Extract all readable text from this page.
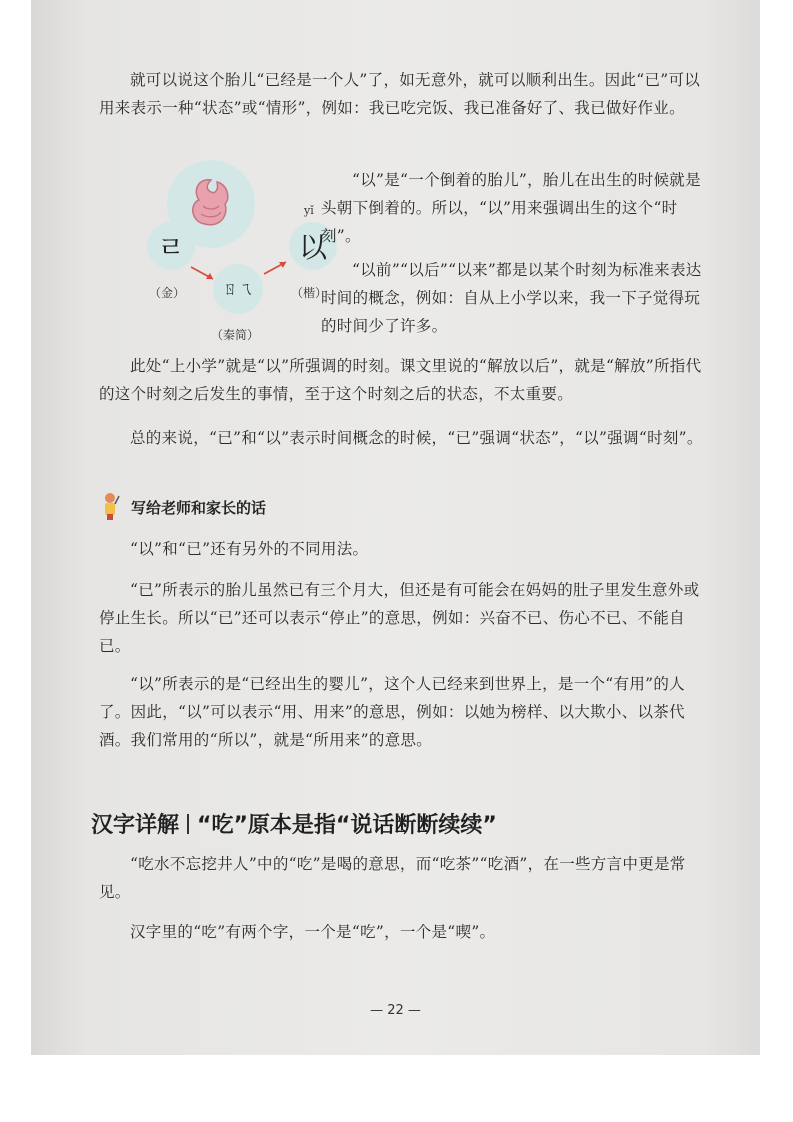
就可以说这个胎儿“已经是一个人”了，如无意外，就可以顺利出生。因此“已”可以用来表示一种“状态”或“情形”，例如：我已吃完饭、我已准备好了、我已做好作业。

ㄹ
（金）
yǐ
以
（楷）
ㄖㄟ
（秦简）

“以”是“一个倒着的胎儿”，胎儿在出生的时候就是头朝下倒着的。所以，“以”用来强调出生的这个“时刻”。

“以前”“以后”“以来”都是以某个时刻为标准来表达时间的概念，例如：自从上小学以来，我一下子觉得玩的时间少了许多。

此处“上小学”就是“以”所强调的时刻。课文里说的“解放以后”，就是“解放”所指代的这个时刻之后发生的事情，至于这个时刻之后的状态，不太重要。

总的来说，“已”和“以”表示时间概念的时候，“已”强调“状态”，“以”强调“时刻”。

写给老师和家长的话

“以”和“已”还有另外的不同用法。

“已”所表示的胎儿虽然已有三个月大，但还是有可能会在妈妈的肚子里发生意外或停止生长。所以“已”还可以表示“停止”的意思，例如：兴奋不已、伤心不已、不能自已。

“以”所表示的是“已经出生的婴儿”，这个人已经来到世界上，是一个“有用”的人了。因此，“以”可以表示“用、用来”的意思，例如：以她为榜样、以大欺小、以茶代酒。我们常用的“所以”，就是“所用来”的意思。

汉字详解 “吃”原本是指“说话断断续续”

“吃水不忘挖井人”中的“吃”是喝的意思，而“吃茶”“吃酒”，在一些方言中更是常见。

汉字里的“吃”有两个字，一个是“吃”，一个是“喫”。

— 22 —
